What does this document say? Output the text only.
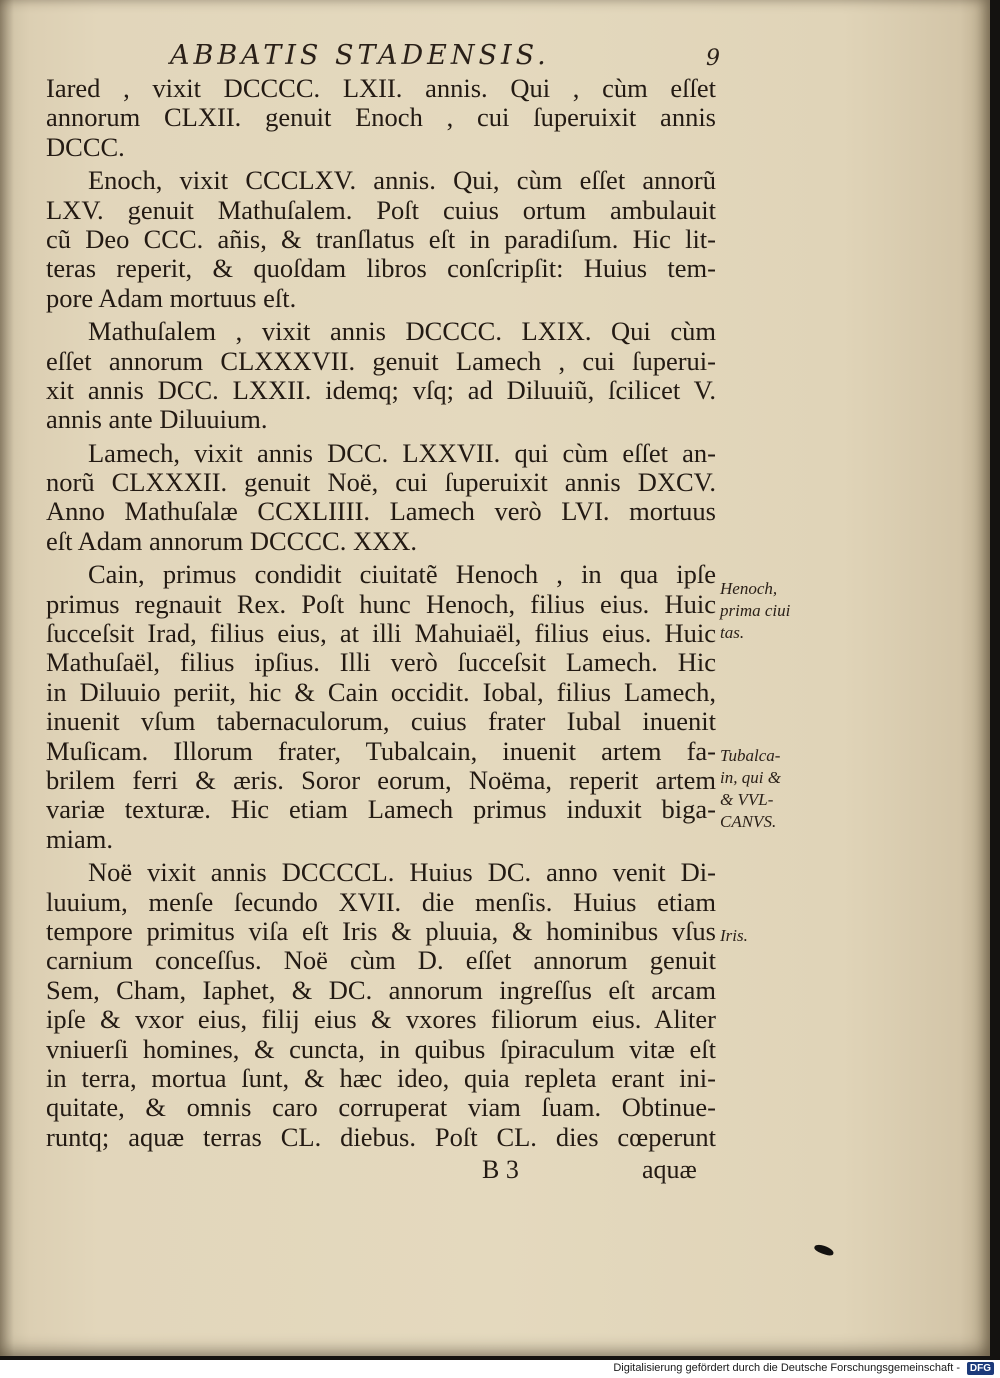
ABBATIS STADENSIS.	9
Iared , vixit DCCCC. LXII. annis. Qui , cùm eſſet
annorum CLXII. genuit Enoch , cui ſuperuixit annis
DCCC.
Enoch, vixit CCCLXV. annis. Qui, cùm eſſet annorũ
LXV. genuit Mathuſalem. Poſt cuius ortum ambulauit
cũ Deo CCC. añis, & tranſlatus eſt in paradiſum. Hic lit-
teras reperit, & quoſdam libros conſcripſit: Huius tem-
pore Adam mortuus eſt.
Mathuſalem , vixit annis DCCCC. LXIX. Qui cùm
eſſet annorum CLXXXVII. genuit Lamech , cui ſuperui-
xit annis DCC. LXXII. idemq; vſq; ad Diluuiũ, ſcilicet V.
annis ante Diluuium.
Lamech, vixit annis DCC. LXXVII. qui cùm eſſet an-
norũ CLXXXII. genuit Noë, cui ſuperuixit annis DXCV.
Anno Mathuſalæ CCXLIIII. Lamech verò LVI. mortuus
eſt Adam annorum DCCCC. XXX.
Cain, primus condidit ciuitatẽ Henoch , in qua ipſe
primus regnauit Rex. Poſt hunc Henoch, filius eius. Huic
ſucceſsit Irad, filius eius, at illi Mahuiaël, filius eius. Huic
Mathuſaël, filius ipſius. Illi verò ſucceſsit Lamech. Hic
in Diluuio periit, hic & Cain occidit. Iobal, filius Lamech,
inuenit vſum tabernaculorum, cuius frater Iubal inuenit
Muſicam. Illorum frater, Tubalcain, inuenit artem fa-
brilem ferri & æris. Soror eorum, Noëma, reperit artem
variæ texturæ. Hic etiam Lamech primus induxit biga-
miam.
Noë vixit annis DCCCCL. Huius DC. anno venit Di-
luuium, menſe ſecundo XVII. die menſis. Huius etiam
tempore primitus viſa eſt Iris & pluuia, & hominibus vſus
carnium conceſſus. Noë cùm D. eſſet annorum genuit
Sem, Cham, Iaphet, & DC. annorum ingreſſus eſt arcam
ipſe & vxor eius, filij eius & vxores filiorum eius. Aliter
vniuerſi homines, & cuncta, in quibus ſpiraculum vitæ eſt
in terra, mortua ſunt, & hæc ideo, quia repleta erant ini-
quitate, & omnis caro corruperat viam ſuam. Obtinue-
runtq; aquæ terras CL. diebus. Poſt CL. dies cœperunt
Henoch,
prima ciui
tas.
Tubalca-
in, qui &
& VVL-
CANVS.
Iris.
B 3	aquæ
Digitalisierung gefördert durch die Deutsche Forschungsgemeinschaft - DFG
